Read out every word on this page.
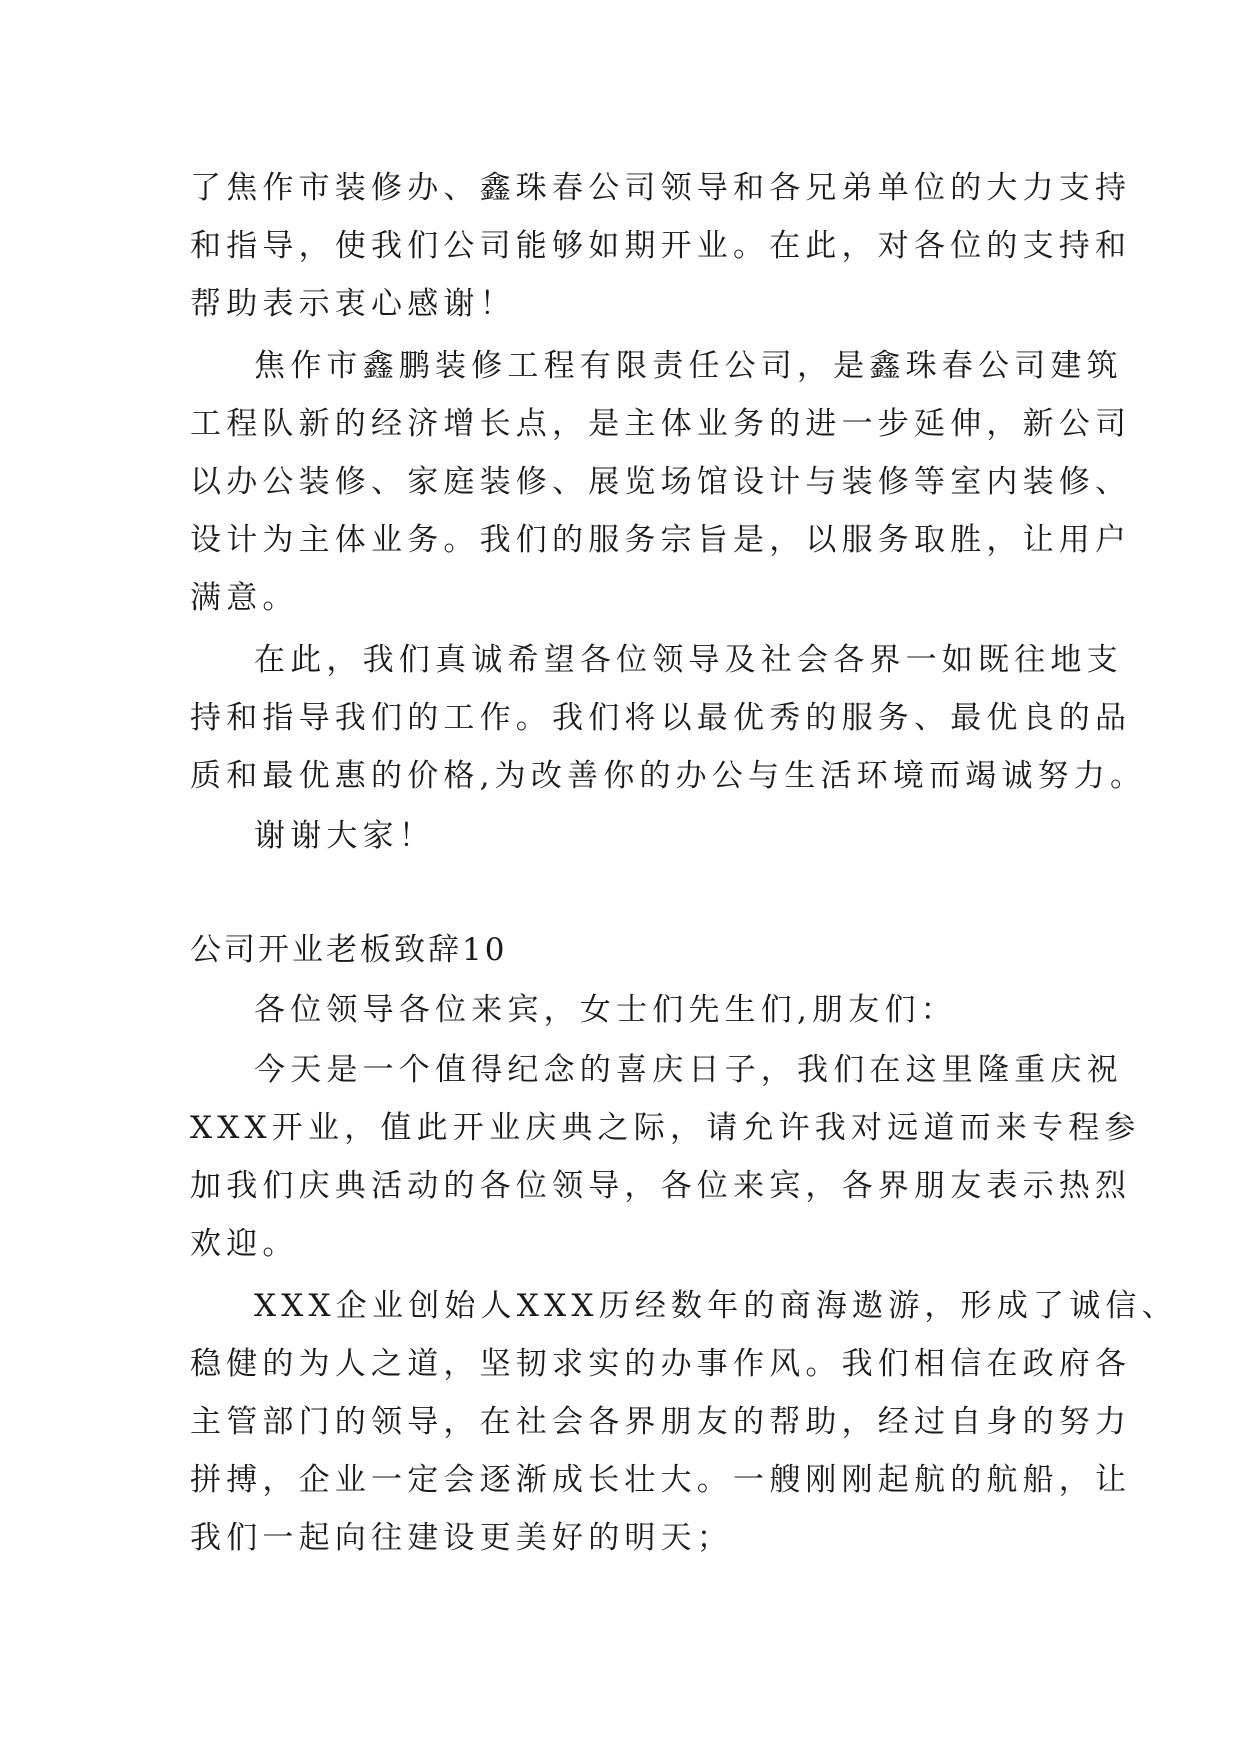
了焦作市装修办、鑫珠春公司领导和各兄弟单位的大力支持
和指导，使我们公司能够如期开业。在此，对各位的支持和
帮助表示衷心感谢！
焦作市鑫鹏装修工程有限责任公司，是鑫珠春公司建筑
工程队新的经济增长点，是主体业务的进一步延伸，新公司
以办公装修、家庭装修、展览场馆设计与装修等室内装修、
设计为主体业务。我们的服务宗旨是，以服务取胜，让用户
满意。
在此，我们真诚希望各位领导及社会各界一如既往地支
持和指导我们的工作。我们将以最优秀的服务、最优良的品
质和最优惠的价格,为改善你的办公与生活环境而竭诚努力。
谢谢大家！
公司开业老板致辞10
各位领导各位来宾，女士们先生们,朋友们：
今天是一个值得纪念的喜庆日子，我们在这里隆重庆祝
XXX开业，值此开业庆典之际，请允许我对远道而来专程参
加我们庆典活动的各位领导，各位来宾，各界朋友表示热烈
欢迎。
XXX企业创始人XXX历经数年的商海遨游，形成了诚信、
稳健的为人之道，坚韧求实的办事作风。我们相信在政府各
主管部门的领导，在社会各界朋友的帮助，经过自身的努力
拼搏，企业一定会逐渐成长壮大。一艘刚刚起航的航船，让
我们一起向往建设更美好的明天；
